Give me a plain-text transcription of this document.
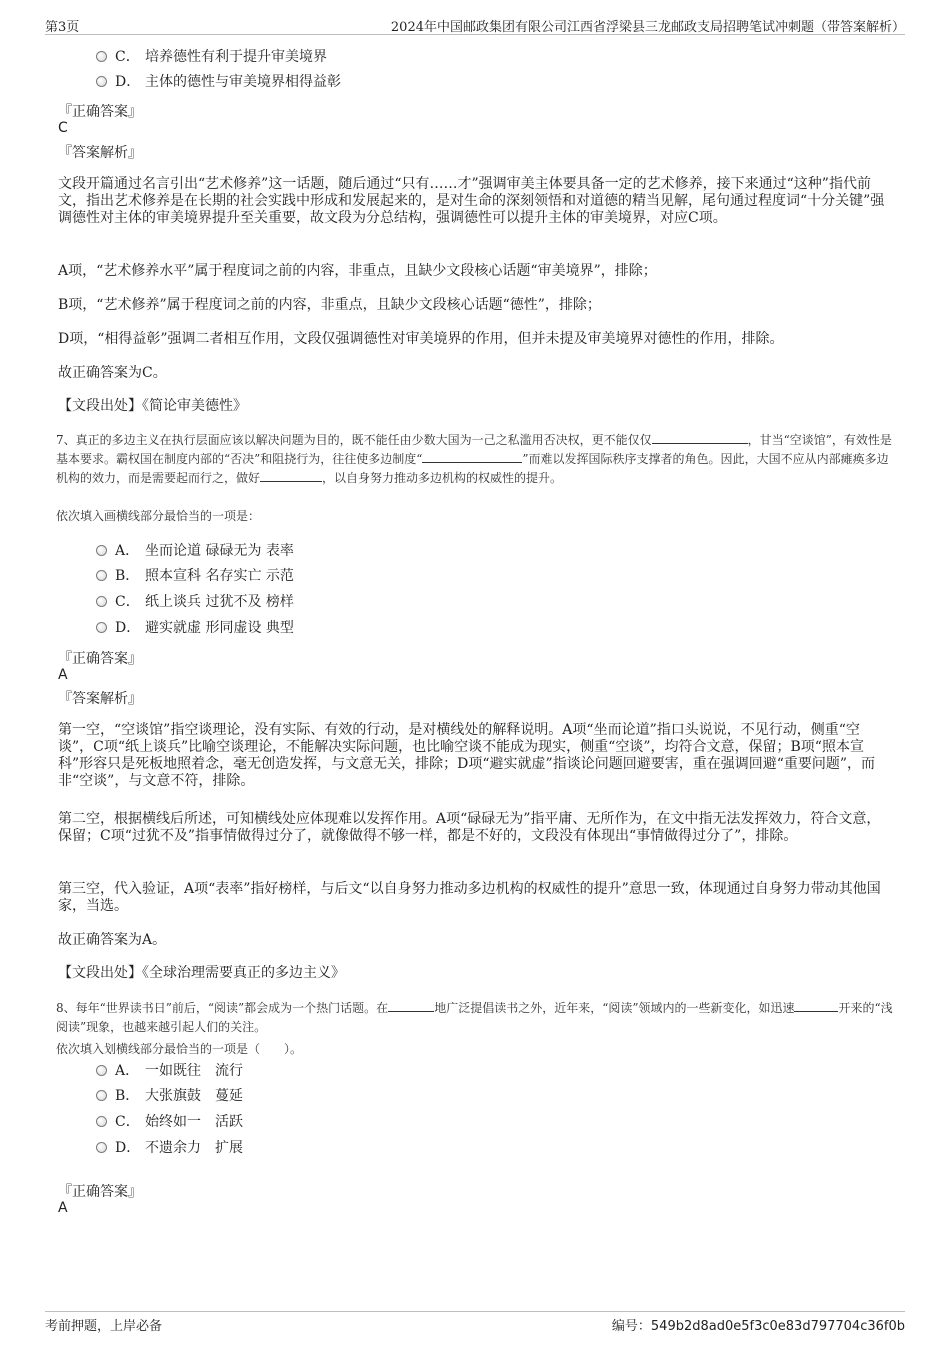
第3页	2024年中国邮政集团有限公司江西省浮梁县三龙邮政支局招聘笔试冲刺题（带答案解析）
C． 培养德性有利于提升审美境界
D． 主体的德性与审美境界相得益彰
『正确答案』
C
『答案解析』
文段开篇通过名言引出“艺术修养”这一话题，随后通过“只有……才”强调审美主体要具备一定的艺术修养，接下来通过“这种”指代前文，指出艺术修养是在长期的社会实践中形成和发展起来的，是对生命的深刻领悟和对道德的精当见解，尾句通过程度词“十分关键”强调德性对主体的审美境界提升至关重要，故文段为分总结构，强调德性可以提升主体的审美境界，对应C项。
A项，“艺术修养水平”属于程度词之前的内容，非重点，且缺少文段核心话题“审美境界”，排除；
B项，“艺术修养”属于程度词之前的内容，非重点，且缺少文段核心话题“德性”，排除；
D项，“相得益彰”强调二者相互作用，文段仅强调德性对审美境界的作用，但并未提及审美境界对德性的作用，排除。
故正确答案为C。
【文段出处】《简论审美德性》
7、真正的多边主义在执行层面应该以解决问题为目的，既不能任由少数大国为一己之私滥用否决权，更不能仅仅	，甘当“空谈馆”，有效性是基本要求。霸权国在制度内部的“否决”和阻挠行为，往往使多边制度“	”而难以发挥国际秩序支撑者的角色。因此，大国不应从内部瘫痪多边机构的效力，而是需要起而行之，做好	，以自身努力推动多边机构的权威性的提升。
依次填入画横线部分最恰当的一项是：
A． 坐而论道 碌碌无为 表率
B． 照本宣科 名存实亡 示范
C． 纸上谈兵 过犹不及 榜样
D． 避实就虚 形同虚设 典型
『正确答案』
A
『答案解析』
第一空，“空谈馆”指空谈理论，没有实际、有效的行动，是对横线处的解释说明。A项“坐而论道”指口头说说，不见行动，侧重“空谈”，C项“纸上谈兵”比喻空谈理论，不能解决实际问题，也比喻空谈不能成为现实，侧重“空谈”，均符合文意，保留；B项“照本宣科”形容只是死板地照着念，毫无创造发挥，与文意无关，排除；D项“避实就虚”指谈论问题回避要害，重在强调回避“重要问题”，而非“空谈”，与文意不符，排除。
第二空，根据横线后所述，可知横线处应体现难以发挥作用。A项“碌碌无为”指平庸、无所作为，在文中指无法发挥效力，符合文意，保留；C项“过犹不及”指事情做得过分了，就像做得不够一样，都是不好的，文段没有体现出“事情做得过分了”，排除。
第三空，代入验证，A项“表率”指好榜样，与后文“以自身努力推动多边机构的权威性的提升”意思一致，体现通过自身努力带动其他国家，当选。
故正确答案为A。
【文段出处】《全球治理需要真正的多边主义》
8、每年“世界读书日”前后，“阅读”都会成为一个热门话题。在	地广泛提倡读书之外，近年来，“阅读”领域内的一些新变化，如迅速	开来的“浅阅读”现象，也越来越引起人们的关注。
依次填入划横线部分最恰当的一项是（　　）。
A． 一如既往　流行
B． 大张旗鼓　蔓延
C． 始终如一　活跃
D． 不遗余力　扩展
『正确答案』
A
考前押题，上岸必备	编号：549b2d8ad0e5f3c0e83d797704c36f0b
